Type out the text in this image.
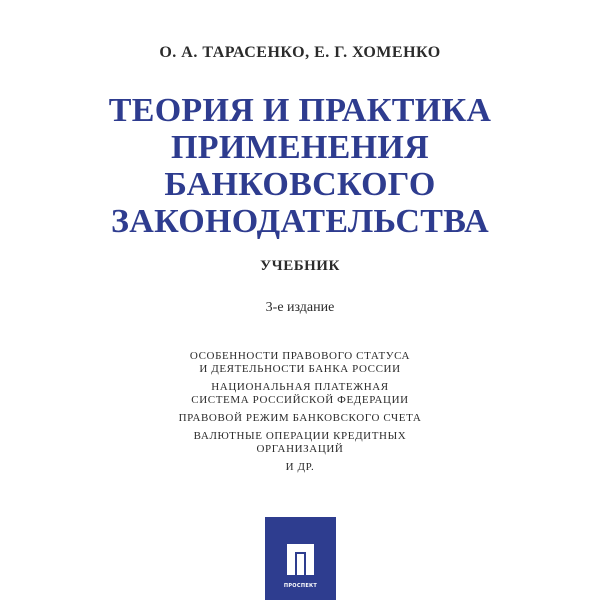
О. А. ТАРАСЕНКО, Е. Г. ХОМЕНКО
ТЕОРИЯ И ПРАКТИКА
ПРИМЕНЕНИЯ
БАНКОВСКОГО
ЗАКОНОДАТЕЛЬСТВА
УЧЕБНИК
3-е издание
ОСОБЕННОСТИ ПРАВОВОГО СТАТУСА
И ДЕЯТЕЛЬНОСТИ БАНКА РОССИИ
НАЦИОНАЛЬНАЯ ПЛАТЕЖНАЯ
СИСТЕМА РОССИЙСКОЙ ФЕДЕРАЦИИ
ПРАВОВОЙ РЕЖИМ БАНКОВСКОГО СЧЕТА
ВАЛЮТНЫЕ ОПЕРАЦИИ КРЕДИТНЫХ
ОРГАНИЗАЦИЙ
И ДР.
ПРОСПЕКТ
